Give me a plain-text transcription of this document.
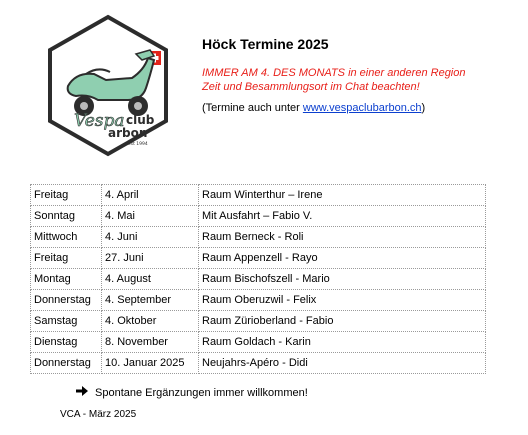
Vespa club
arbon
est 1994
Höck Termine 2025
IMMER AM 4. DES MONATS in einer anderen Region
Zeit und Besammlungsort im Chat beachten!
(Termine auch unter www.vespaclubarbon.ch)
Freitag	4. April	Raum Winterthur – Irene
Sonntag	4. Mai	Mit Ausfahrt – Fabio V.
Mittwoch	4. Juni	Raum Berneck - Roli
Freitag	27. Juni	Raum Appenzell - Rayo
Montag	4. August	Raum Bischofszell - Mario
Donnerstag	4. September	Raum Oberuzwil - Felix
Samstag	4. Oktober	Raum Zürioberland - Fabio
Dienstag	8. November	Raum Goldach - Karin
Donnerstag	10. Januar 2025	Neujahrs-Apéro - Didi
Spontane Ergänzungen immer willkommen!
VCA - März 2025
